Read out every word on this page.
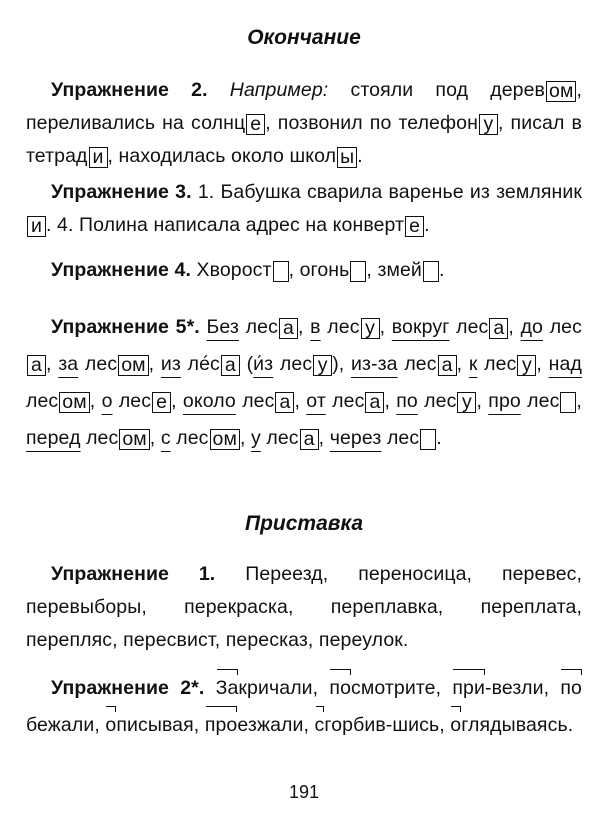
Окончание

Упражнение 2. Например: стояли под дерев ом , переливались на солнц е , позвонил по телефон у , писал в тетрад и , находилась около школ ы .

Упражнение 3. 1. Бабушка сварила варенье из земляники . 4. Полина написала адрес на конверт е .

Упражнение 4. Хворост , огонь , змей .

Упражнение 5*. Без лес а , в лес у , вокруг лес а , до леса , за лес ом , из ле́с а (и́з лес у ), из-за лес а , к лес у , над лес ом , о лес е , около лес а , от лес а , по лес у , про лес , перед лес ом , с лес ом , у лес а , через лес .

Приставка

Упражнение 1. Переезд, переносица, перевес, перевыборы, перекраска, переплавка, переплата, перепляс, пересвист, пересказ, переулок.

Упражнение 2*. Закричали, посмотрите, при-везли, побежали, описывая, проезжали, сгорбив-шись, оглядываясь.

191
